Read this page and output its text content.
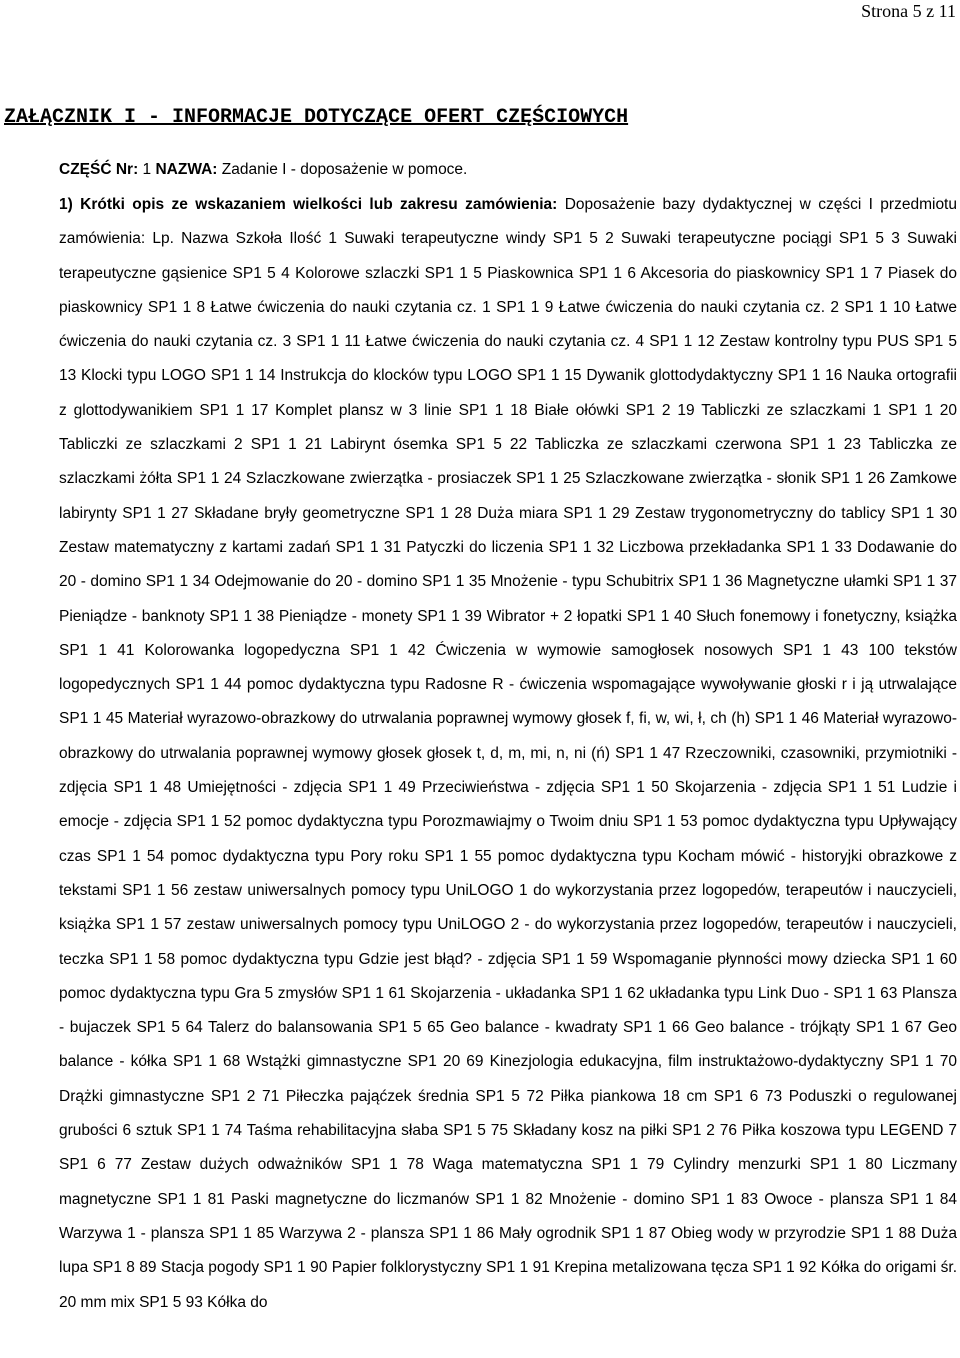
Strona 5 z 11
ZAŁĄCZNIK I - INFORMACJE DOTYCZĄCE OFERT CZĘŚCIOWYCH
CZĘŚĆ Nr: 1 NAZWA: Zadanie I - doposażenie w pomoce.

1) Krótki opis ze wskazaniem wielkości lub zakresu zamówienia: Doposażenie bazy dydaktycznej w części I przedmiotu zamówienia: Lp. Nazwa Szkoła Ilość 1 Suwaki terapeutyczne windy SP1 5 2 Suwaki terapeutyczne pociągi SP1 5 3 Suwaki terapeutyczne gąsienice SP1 5 4 Kolorowe szlaczki SP1 1 5 Piaskownica SP1 1 6 Akcesoria do piaskownicy SP1 1 7 Piasek do piaskownicy SP1 1 8 Łatwe ćwiczenia do nauki czytania cz. 1 SP1 1 9 Łatwe ćwiczenia do nauki czytania cz. 2 SP1 1 10 Łatwe ćwiczenia do nauki czytania cz. 3 SP1 1 11 Łatwe ćwiczenia do nauki czytania cz. 4 SP1 1 12 Zestaw kontrolny typu PUS SP1 5 13 Klocki typu LOGO SP1 1 14 Instrukcja do klocków typu LOGO SP1 1 15 Dywanik glottodydaktyczny SP1 1 16 Nauka ortografii z glottodywanikiem SP1 1 17 Komplet plansz w 3 linie SP1 1 18 Białe ołówki SP1 2 19 Tabliczki ze szlaczkami 1 SP1 1 20 Tabliczki ze szlaczkami 2 SP1 1 21 Labirynt ósemka SP1 5 22 Tabliczka ze szlaczkami czerwona SP1 1 23 Tabliczka ze szlaczkami żółta SP1 1 24 Szlaczkowane zwierzątka - prosiaczek SP1 1 25 Szlaczkowane zwierzątka - słonik SP1 1 26 Zamkowe labirynty SP1 1 27 Składane bryły geometryczne SP1 1 28 Duża miara SP1 1 29 Zestaw trygonometryczny do tablicy SP1 1 30 Zestaw matematyczny z kartami zadań SP1 1 31 Patyczki do liczenia SP1 1 32 Liczbowa przekładanka SP1 1 33 Dodawanie do 20 - domino SP1 1 34 Odejmowanie do 20 - domino SP1 1 35 Mnożenie - typu Schubitrix SP1 1 36 Magnetyczne ułamki SP1 1 37 Pieniądze - banknoty SP1 1 38 Pieniądze - monety SP1 1 39 Wibrator + 2 łopatki SP1 1 40 Słuch fonemowy i fonetyczny, książka SP1 1 41 Kolorowanka logopedyczna SP1 1 42 Ćwiczenia w wymowie samogłosek nosowych SP1 1 43 100 tekstów logopedycznych SP1 1 44 pomoc dydaktyczna typu Radosne R - ćwiczenia wspomagające wywoływanie głoski r i ją utrwalające SP1 1 45 Materiał wyrazowo-obrazkowy do utrwalania poprawnej wymowy głosek f, fi, w, wi, ł, ch (h) SP1 1 46 Materiał wyrazowo-obrazkowy do utrwalania poprawnej wymowy głosek głosek t, d, m, mi, n, ni (ń) SP1 1 47 Rzeczowniki, czasowniki, przymiotniki - zdjęcia SP1 1 48 Umiejętności - zdjęcia SP1 1 49 Przeciwieństwa - zdjęcia SP1 1 50 Skojarzenia - zdjęcia SP1 1 51 Ludzie i emocje - zdjęcia SP1 1 52 pomoc dydaktyczna typu Porozmawiajmy o Twoim dniu SP1 1 53 pomoc dydaktyczna typu Upływający czas SP1 1 54 pomoc dydaktyczna typu Pory roku SP1 1 55 pomoc dydaktyczna typu Kocham mówić - historyjki obrazkowe z tekstami SP1 1 56 zestaw uniwersalnych pomocy typu UniLOGO 1 do wykorzystania przez logopedów, terapeutów i nauczycieli, książka SP1 1 57 zestaw uniwersalnych pomocy typu UniLOGO 2 - do wykorzystania przez logopedów, terapeutów i nauczycieli, teczka SP1 1 58 pomoc dydaktyczna typu Gdzie jest błąd? - zdjęcia SP1 1 59 Wspomaganie płynności mowy dziecka SP1 1 60 pomoc dydaktyczna typu Gra 5 zmysłów SP1 1 61 Skojarzenia - układanka SP1 1 62 układanka typu Link Duo - SP1 1 63 Plansza - bujaczek SP1 5 64 Talerz do balansowania SP1 5 65 Geo balance - kwadraty SP1 1 66 Geo balance - trójkąty SP1 1 67 Geo balance - kółka SP1 1 68 Wstążki gimnastyczne SP1 20 69 Kinezjologia edukacyjna, film instruktażowo-dydaktyczny SP1 1 70 Drążki gimnastyczne SP1 2 71 Piłeczka pająćzek średnia SP1 5 72 Piłka piankowa 18 cm SP1 6 73 Poduszki o regulowanej grubości 6 sztuk SP1 1 74 Taśma rehabilitacyjna słaba SP1 5 75 Składany kosz na piłki SP1 2 76 Piłka koszowa typu LEGEND 7 SP1 6 77 Zestaw dużych odważników SP1 1 78 Waga matematyczna SP1 1 79 Cylindry menzurki SP1 1 80 Liczmany magnetyczne SP1 1 81 Paski magnetyczne do liczmanów SP1 1 82 Mnożenie - domino SP1 1 83 Owoce - plansza SP1 1 84 Warzywa 1 - plansza SP1 1 85 Warzywa 2 - plansza SP1 1 86 Mały ogrodnik SP1 1 87 Obieg wody w przyrodzie SP1 1 88 Duża lupa SP1 8 89 Stacja pogody SP1 1 90 Papier folklorystyczny SP1 1 91 Krepina metalizowana tęcza SP1 1 92 Kółka do origami śr. 20 mm mix SP1 5 93 Kółka do
